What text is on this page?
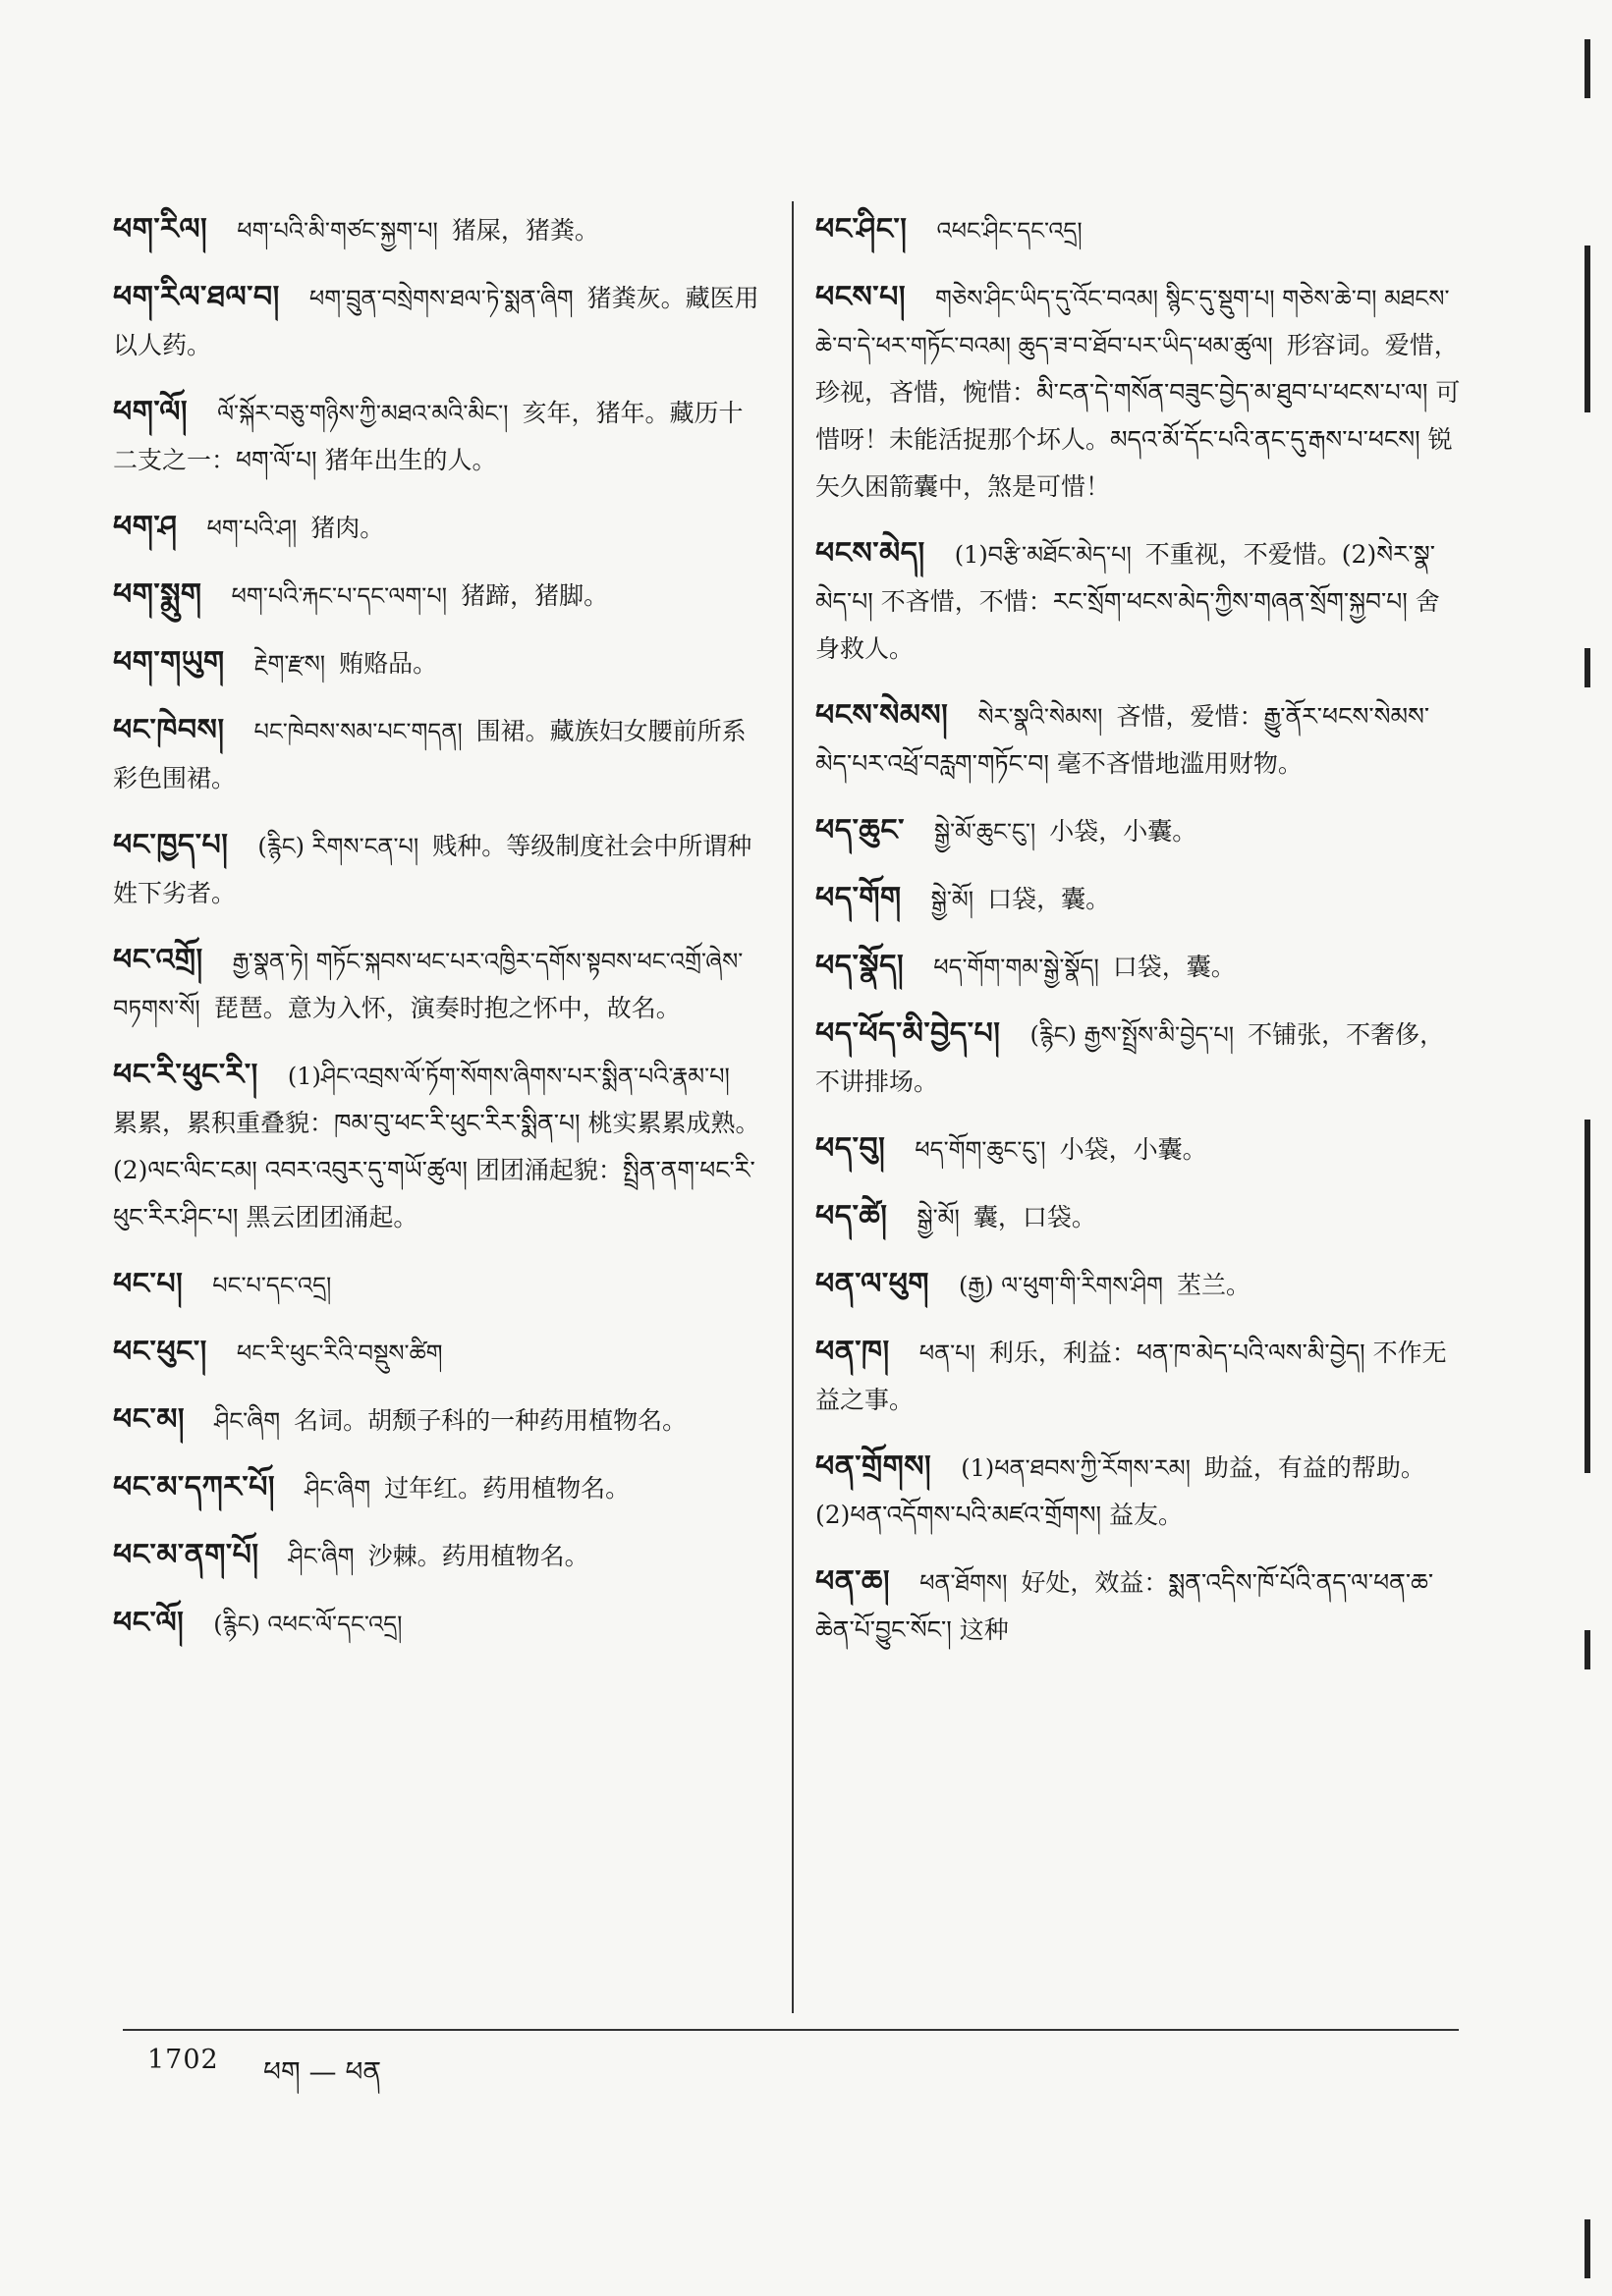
ཕག་རིལ། ཕག་པའི་མི་གཙང་སྐྱག་པ། 猪屎，猪粪。
ཕག་རིལ་ཐལ་བ། ཕག་བྲུན་བསྲེགས་ཐལ་ཏེ་སྨན་ཞིག 猪粪灰。藏医用以人药。
ཕག་ལོ། ལོ་སྐོར་བཅུ་གཉིས་ཀྱི་མཐའ་མའི་མིང་། 亥年，猪年。藏历十二支之一：ཕག་ལོ་པ། 猪年出生的人。
ཕག་ཤ ཕག་པའི་ཤ། 猪肉。
ཕག་སྨུག ཕག་པའི་རྐང་པ་དང་ལག་པ། 猪蹄，猪脚。
ཕག་གཡུག རྔེག་རྫས། 贿赂品。
ཕང་ཁེབས། པང་ཁེབས་སམ་པང་གདན། 围裙。藏族妇女腰前所系彩色围裙。
ཕང་ཁྱད་པ། (རྙིང) རིགས་ངན་པ། 贱种。等级制度社会中所谓种姓下劣者。
ཕང་འགྲོ། རྒྱ་སྣན་ཏེ། གཏོང་སྐབས་ཕང་པར་འཁྱིར་དགོས་སྟབས་ཕང་འགྲོ་ཞེས་བཏགས་སོ། 琵琶。意为入怀，演奏时抱之怀中，故名。
ཕང་རི་ཕུང་རི་། (1)ཤིང་འབྲས་ལོ་ཏོག་སོགས་ཞིགས་པར་སྨིན་པའི་རྣམ་པ།累累，累积重叠貌：ཁམ་བུ་ཕང་རི་ཕུང་རིར་སྨིན་པ། 桃实累累成熟。(2)ལང་ལིང་ངམ། འབར་འབུར་དུ་གཡོ་ཚུལ། 团团涌起貌：སྤྲིན་ནག་ཕང་རི་ཕུང་རིར་ཤིང་པ། 黑云团团涌起。
ཕང་པ། པང་པ་དང་འདྲ།
ཕང་ཕུང་། ཕང་རི་ཕུང་རིའི་བསྡུས་ཚིག
ཕང་མ། ཤིང་ཞིག 名词。胡颓子科的一种药用植物名。
ཕང་མ་དཀར་པོ། ཤིང་ཞིག 过年红。药用植物名。
ཕང་མ་ནག་པོ། ཤིང་ཞིག 沙棘。药用植物名。
ཕང་ལོ། (རྙིང) འཕང་ལོ་དང་འདྲ།
ཕང་ཤིང་། འཕང་ཤིང་དང་འདྲ།
ཕངས་པ། གཅེས་ཤིང་ཡིད་དུ་འོང་བའམ། སྙིང་དུ་སྡུག་པ། གཅེས་ཆེ་བ། མཐངས་ཆེ་བ་དེ་ཕར་གཏོང་བའམ། ཆུད་ཟ་བ་ཐོབ་པར་ཡིད་ཕམ་ཚུལ། 形容词。爱惜，珍视，吝惜，惋惜：མི་ངན་དེ་གསོན་བཟུང་བྱེད་མ་ཐུབ་པ་ཕངས་པ་ལ། 可惜呀！未能活捉那个坏人。མདའ་མོ་དོང་པའི་ནང་དུ་རྒས་པ་ཕངས། 锐矢久困箭囊中，煞是可惜！
ཕངས་མེད། (1)བརྩི་མཐོང་མེད་པ། 不重视，不爱惜。(2)སེར་སྣ་མེད་པ། 不吝惜，不惜：རང་སྲོག་ཕངས་མེད་ཀྱིས་གཞན་སྲོག་སྐྱབ་པ། 舍身救人。
ཕངས་སེམས། སེར་སྣའི་སེམས། 吝惜，爱惜：རྒྱུ་ནོར་ཕངས་སེམས་མེད་པར་འཕྲོ་བརླག་གཏོང་བ། 毫不吝惜地滥用财物。
ཕད་ཆུང་ སྒྱེ་མོ་ཆུང་ངུ་། 小袋，小囊。
ཕད་གོག སྒྱེ་མོ། 口袋，囊。
ཕད་སྣོད། ཕད་གོག་གམ་སྒྱེ་སྣོད། 口袋，囊。
ཕད་ཕོད་མི་བྱེད་པ། (རྙིང) རྒྱས་སྤྲོས་མི་བྱེད་པ། 不铺张，不奢侈，不讲排场。
ཕད་བུ། ཕད་གོག་ཆུང་ངུ་། 小袋，小囊。
ཕད་ཚེ། སྒྱེ་མོ། 囊，口袋。
ཕན་ལ་ཕུག (རྒྱ) ལ་ཕུག་གི་རིགས་ཤིག 苤兰。
ཕན་ཁ། ཕན་པ། 利乐，利益：ཕན་ཁ་མེད་པའི་ལས་མི་བྱེད། 不作无益之事。
ཕན་གྲོགས། (1)ཕན་ཐབས་ཀྱི་རོགས་རམ། 助益，有益的帮助。(2)ཕན་འདོགས་པའི་མཛའ་གྲོགས། 益友。
ཕན་ཆ། ཕན་ཐོགས། 好处，效益：སྨན་འདིས་ཁོ་པོའི་ནད་ལ་ཕན་ཆ་ཆེན་པོ་བྱུང་སོང་། 这种
1702 ཕག — ཕན
